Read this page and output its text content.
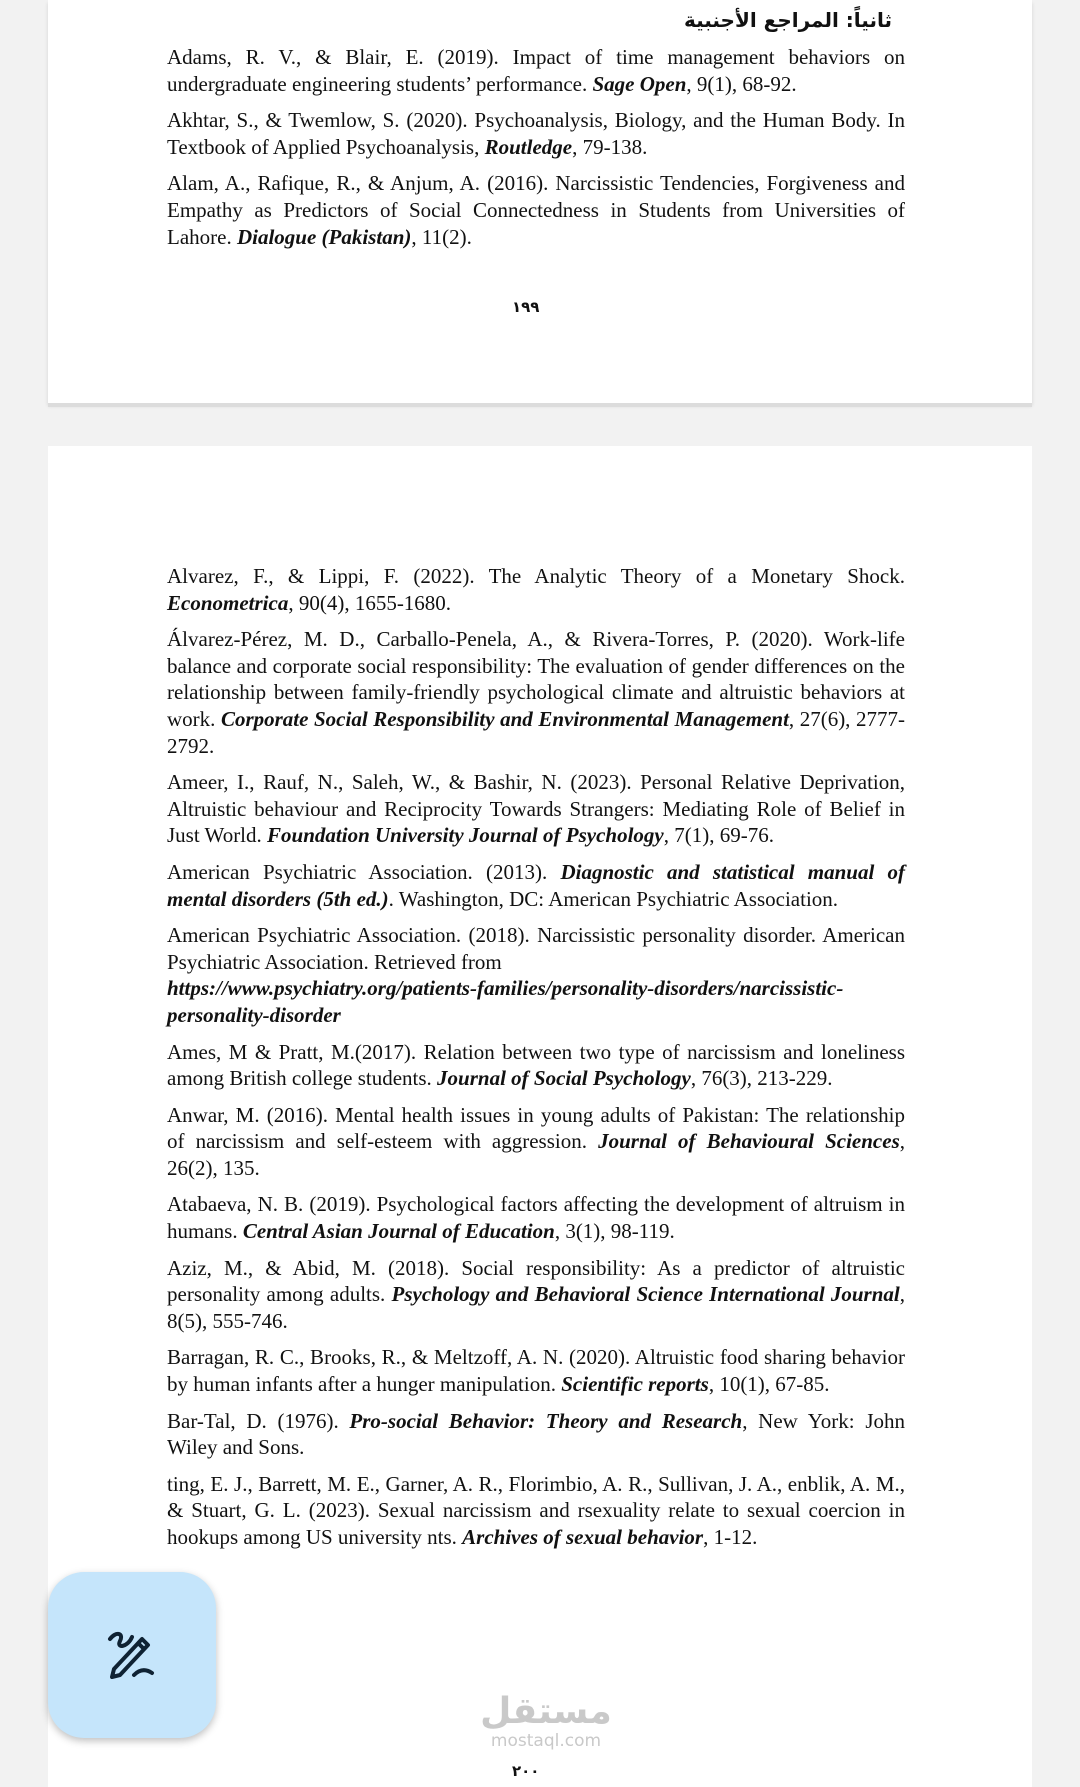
ثانياً: المراجع الأجنبية

Adams, R. V., & Blair, E. (2019). Impact of time management behaviors on undergraduate engineering students’ performance. Sage Open, 9(1), 68-92.

Akhtar, S., & Twemlow, S. (2020). Psychoanalysis, Biology, and the Human Body. In Textbook of Applied Psychoanalysis, Routledge, 79-138.

Alam, A., Rafique, R., & Anjum, A. (2016). Narcissistic Tendencies, Forgiveness and Empathy as Predictors of Social Connectedness in Students from Universities of Lahore. Dialogue (Pakistan), 11(2).

١٩٩

Alvarez, F., & Lippi, F. (2022). The Analytic Theory of a Monetary Shock. Econometrica, 90(4), 1655-1680.

Álvarez-Pérez, M. D., Carballo-Penela, A., & Rivera-Torres, P. (2020). Work-life balance and corporate social responsibility: The evaluation of gender differences on the relationship between family-friendly psychological climate and altruistic behaviors at work. Corporate Social Responsibility and Environmental Management, 27(6), 2777-2792.

Ameer, I., Rauf, N., Saleh, W., & Bashir, N. (2023). Personal Relative Deprivation, Altruistic behaviour and Reciprocity Towards Strangers: Mediating Role of Belief in Just World. Foundation University Journal of Psychology, 7(1), 69-76.

American Psychiatric Association. (2013). Diagnostic and statistical manual of mental disorders (5th ed.). Washington, DC: American Psychiatric Association.

American Psychiatric Association. (2018). Narcissistic personality disorder. American Psychiatric Association. Retrieved from
https://www.psychiatry.org/patients-families/personality-disorders/narcissistic-personality-disorder

Ames, M & Pratt, M.(2017). Relation between two type of narcissism and loneliness among British college students. Journal of Social Psychology, 76(3), 213-229.

Anwar, M. (2016). Mental health issues in young adults of Pakistan: The relationship of narcissism and self-esteem with aggression. Journal of Behavioural Sciences, 26(2), 135.

Atabaeva, N. B. (2019). Psychological factors affecting the development of altruism in humans. Central Asian Journal of Education, 3(1), 98-119.

Aziz, M., & Abid, M. (2018). Social responsibility: As a predictor of altruistic personality among adults. Psychology and Behavioral Science International Journal, 8(5), 555-746.

Barragan, R. C., Brooks, R., & Meltzoff, A. N. (2020). Altruistic food sharing behavior by human infants after a hunger manipulation. Scientific reports, 10(1), 67-85.

Bar-Tal, D. (1976). Pro-social Behavior: Theory and Research, New York: John Wiley and Sons.

ting, E. J., Barrett, M. E., Garner, A. R., Florimbio, A. R., Sullivan, J. A., enblik, A. M., & Stuart, G. L. (2023). Sexual narcissism and rsexuality relate to sexual coercion in hookups among US university nts. Archives of sexual behavior, 1-12.

مستقل
mostaql.com
٢٠٠
